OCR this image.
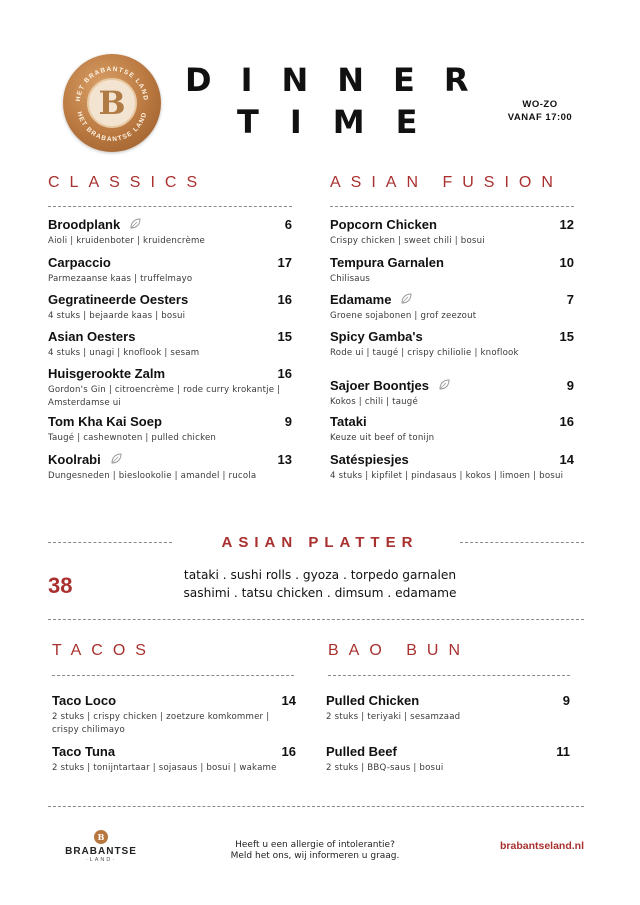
HET BRABANTSE LAND
HET BRABANTSE LAND
B
DINNER
TIME	WO-ZO
VANAF 17:00
CLASSICS	ASIAN FUSION
Broodplank	6
Aioli | kruidenboter | kruidencrème
Carpaccio	17
Parmezaanse kaas | truffelmayo
Gegratineerde Oesters	16
4 stuks | bejaarde kaas | bosui
Asian Oesters	15
4 stuks | unagi | knoflook | sesam
Huisgerookte Zalm	16
Gordon's Gin | citroencrème | rode curry krokantje | Amsterdamse ui
Tom Kha Kai Soep	9
Taugé | cashewnoten | pulled chicken
Koolrabi	13
Dungesneden | bieslookolie | amandel | rucola
Popcorn Chicken	12
Crispy chicken | sweet chili | bosui
Tempura Garnalen	10
Chilisaus
Edamame	7
Groene sojabonen | grof zeezout
Spicy Gamba's	15
Rode ui | taugé | crispy chiliolie | knoflook
Sajoer Boontjes	9
Kokos | chili | taugé
Tataki	16
Keuze uit beef of tonijn
Satéspiesjes	14
4 stuks | kipfilet | pindasaus | kokos | limoen | bosui
ASIAN PLATTER
38	tataki . sushi rolls . gyoza . torpedo garnalen
sashimi . tatsu chicken . dimsum . edamame
TACOS	BAO BUN
Taco Loco	14
2 stuks | crispy chicken | zoetzure komkommer | crispy chilimayo
Taco Tuna	16
2 stuks | tonijntartaar | sojasaus | bosui | wakame
Pulled Chicken	9
2 stuks | teriyaki | sesamzaad
Pulled Beef	11
2 stuks | BBQ-saus | bosui
B
BRABANTSE
·LAND·
Heeft u een allergie of intolerantie?
Meld het ons, wij informeren u graag.
brabantseland.nl
